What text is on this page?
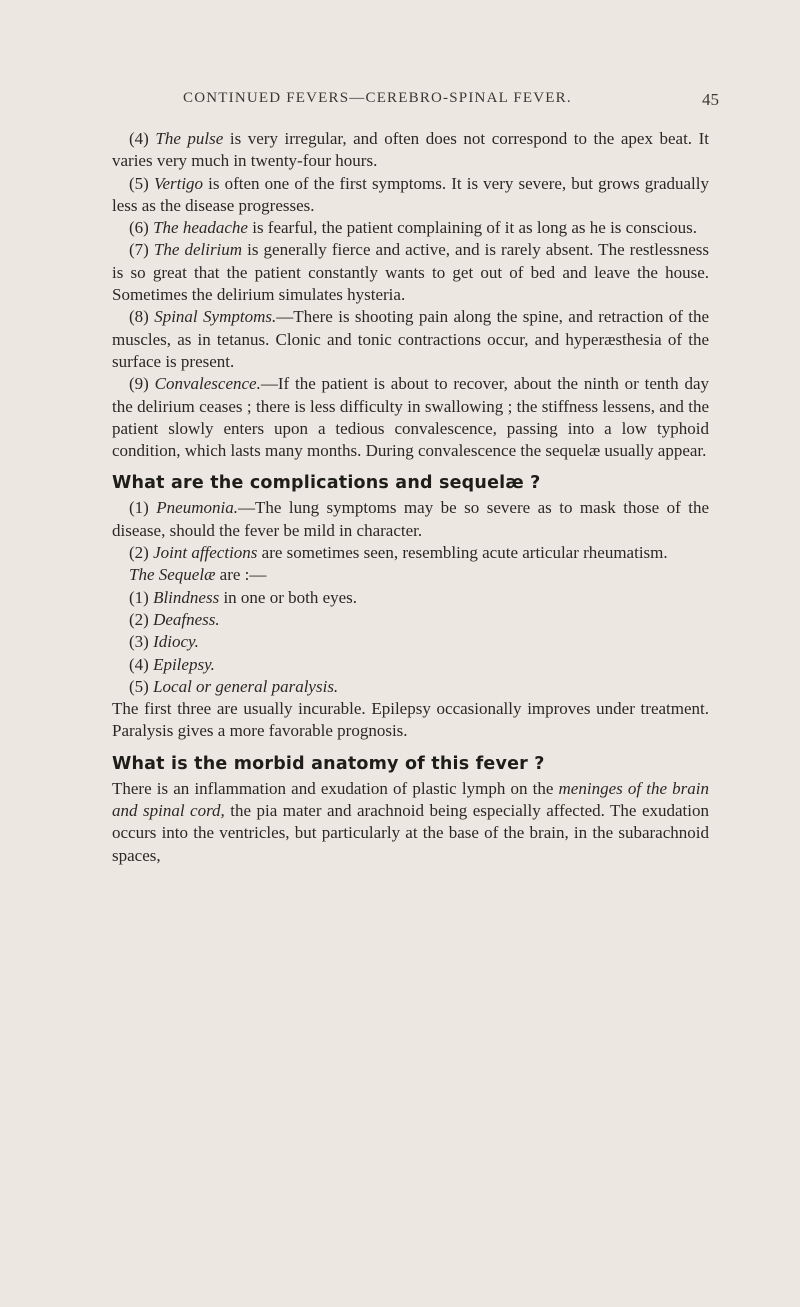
CONTINUED FEVERS—CEREBRO-SPINAL FEVER.	45

(4) The pulse is very irregular, and often does not correspond to the apex beat. It varies very much in twenty-four hours.

(5) Vertigo is often one of the first symptoms. It is very severe, but grows gradually less as the disease progresses.

(6) The headache is fearful, the patient complaining of it as long as he is conscious.

(7) The delirium is generally fierce and active, and is rarely absent. The restlessness is so great that the patient constantly wants to get out of bed and leave the house. Sometimes the delirium simulates hysteria.

(8) Spinal Symptoms.—There is shooting pain along the spine, and retraction of the muscles, as in tetanus. Clonic and tonic contractions occur, and hyperæsthesia of the surface is present.

(9) Convalescence.—If the patient is about to recover, about the ninth or tenth day the delirium ceases ; there is less difficulty in swallowing ; the stiffness lessens, and the patient slowly enters upon a tedious convalescence, passing into a low typhoid condition, which lasts many months. During convalescence the sequelæ usually appear.

What are the complications and sequelæ ?

(1) Pneumonia.—The lung symptoms may be so severe as to mask those of the disease, should the fever be mild in character.

(2) Joint affections are sometimes seen, resembling acute articular rheumatism.

The Sequelæ are :—

(1) Blindness in one or both eyes.

(2) Deafness.

(3) Idiocy.

(4) Epilepsy.

(5) Local or general paralysis.

The first three are usually incurable. Epilepsy occasionally improves under treatment. Paralysis gives a more favorable prognosis.

What is the morbid anatomy of this fever ?

There is an inflammation and exudation of plastic lymph on the meninges of the brain and spinal cord, the pia mater and arachnoid being especially affected. The exudation occurs into the ventricles, but particularly at the base of the brain, in the subarachnoid spaces,
